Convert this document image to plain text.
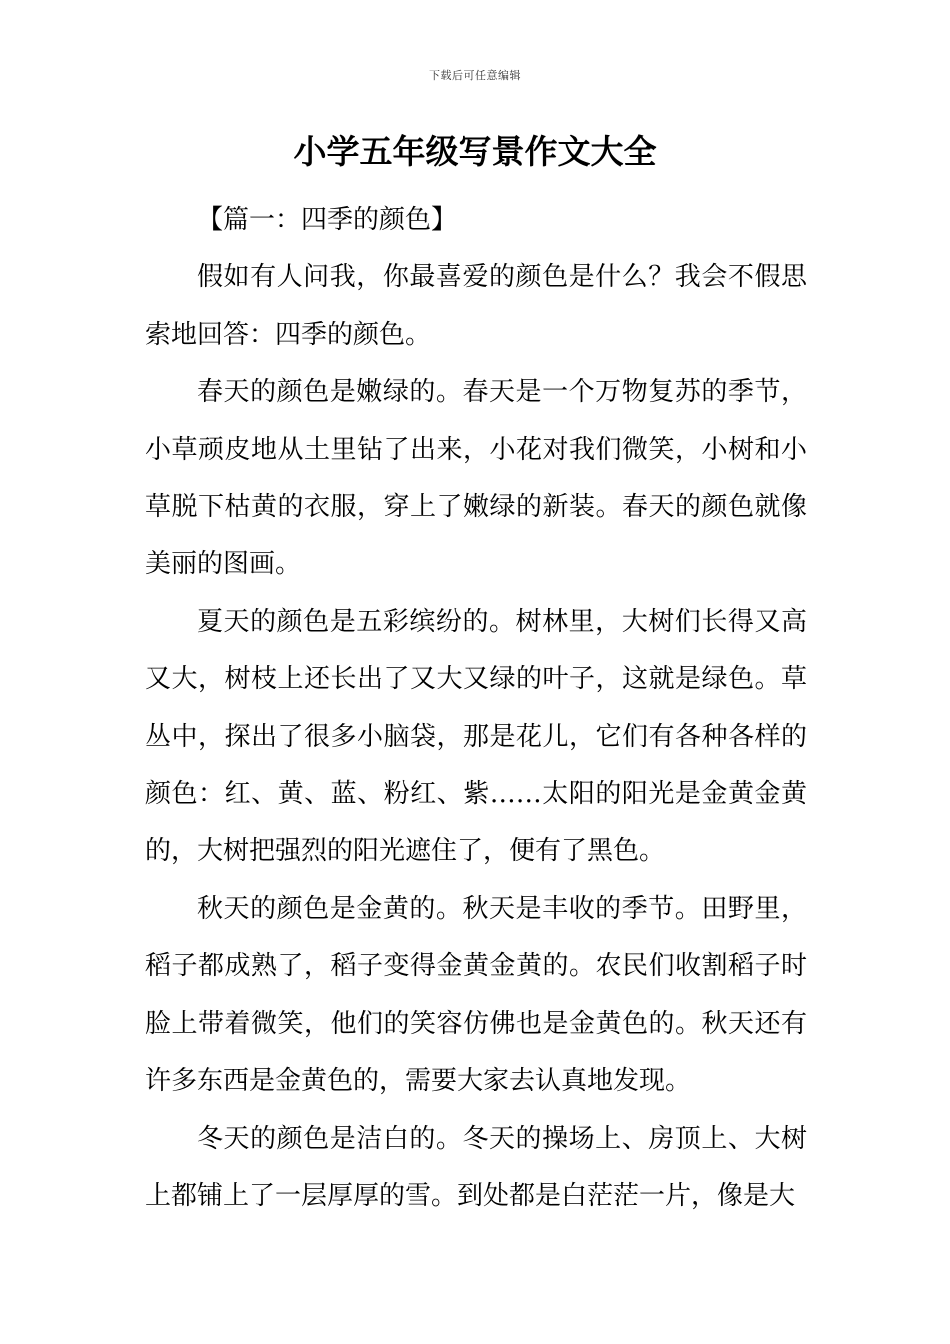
下载后可任意编辑
小学五年级写景作文大全

【篇一：四季的颜色】

假如有人问我，你最喜爱的颜色是什么？我会不假思索地回答：四季的颜色。

春天的颜色是嫩绿的。春天是一个万物复苏的季节，小草顽皮地从土里钻了出来，小花对我们微笑，小树和小草脱下枯黄的衣服，穿上了嫩绿的新装。春天的颜色就像美丽的图画。

夏天的颜色是五彩缤纷的。树林里，大树们长得又高又大，树枝上还长出了又大又绿的叶子，这就是绿色。草丛中，探出了很多小脑袋，那是花儿，它们有各种各样的颜色：红、黄、蓝、粉红、紫……太阳的阳光是金黄金黄的，大树把强烈的阳光遮住了，便有了黑色。

秋天的颜色是金黄的。秋天是丰收的季节。田野里，稻子都成熟了，稻子变得金黄金黄的。农民们收割稻子时脸上带着微笑，他们的笑容仿佛也是金黄色的。秋天还有许多东西是金黄色的，需要大家去认真地发现。

冬天的颜色是洁白的。冬天的操场上、房顶上、大树上都铺上了一层厚厚的雪。到处都是白茫茫一片，像是大
